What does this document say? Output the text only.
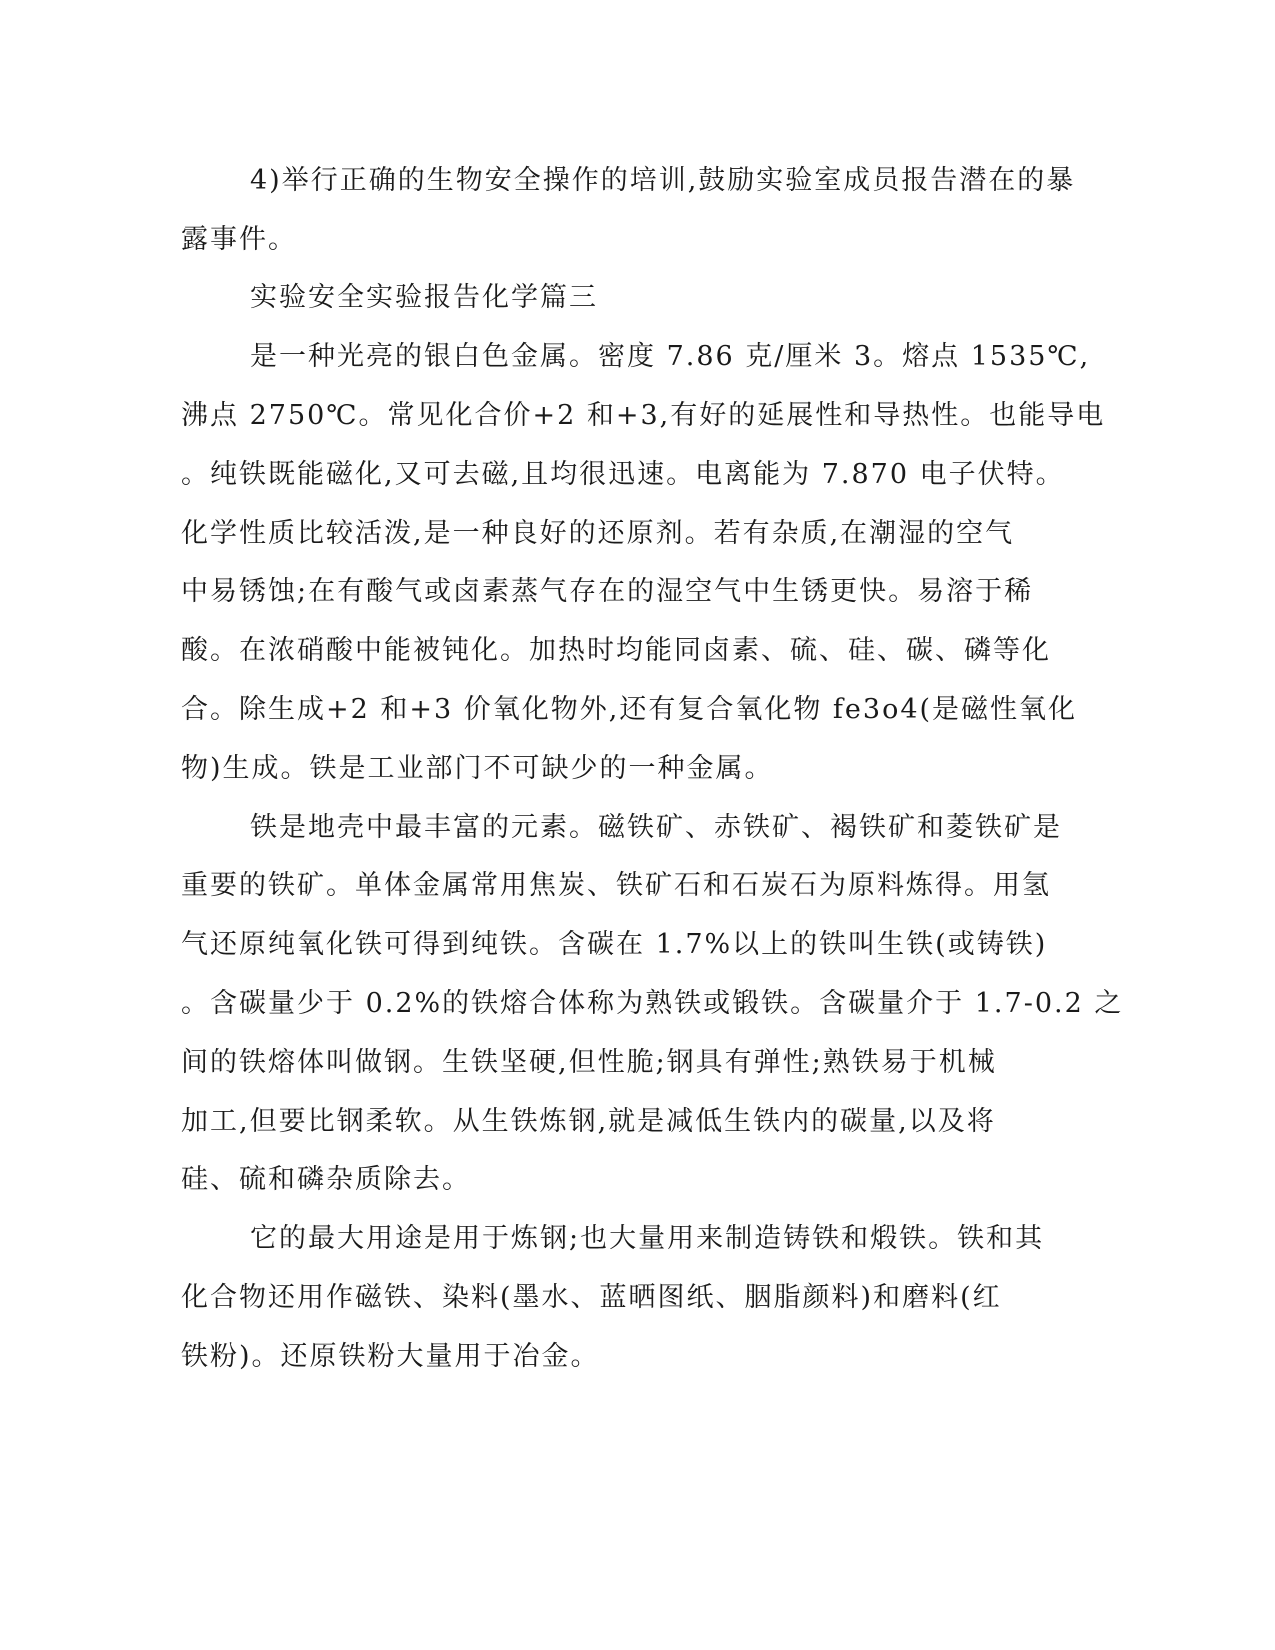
4)举行正确的生物安全操作的培训,鼓励实验室成员报告潜在的暴
露事件。
实验安全实验报告化学篇三
是一种光亮的银白色金属。密度 7.86 克/厘米 3。熔点 1535℃,
沸点 2750℃。常见化合价+2 和+3,有好的延展性和导热性。也能导电
。纯铁既能磁化,又可去磁,且均很迅速。电离能为 7.870 电子伏特。
化学性质比较活泼,是一种良好的还原剂。若有杂质,在潮湿的空气
中易锈蚀;在有酸气或卤素蒸气存在的湿空气中生锈更快。易溶于稀
酸。在浓硝酸中能被钝化。加热时均能同卤素、硫、硅、碳、磷等化
合。除生成+2 和+3 价氧化物外,还有复合氧化物 fe3o4(是磁性氧化
物)生成。铁是工业部门不可缺少的一种金属。
铁是地壳中最丰富的元素。磁铁矿、赤铁矿、褐铁矿和菱铁矿是
重要的铁矿。单体金属常用焦炭、铁矿石和石炭石为原料炼得。用氢
气还原纯氧化铁可得到纯铁。含碳在 1.7%以上的铁叫生铁(或铸铁)
。含碳量少于 0.2%的铁熔合体称为熟铁或锻铁。含碳量介于 1.7-0.2 之
间的铁熔体叫做钢。生铁坚硬,但性脆;钢具有弹性;熟铁易于机械
加工,但要比钢柔软。从生铁炼钢,就是减低生铁内的碳量,以及将
硅、硫和磷杂质除去。
它的最大用途是用于炼钢;也大量用来制造铸铁和煅铁。铁和其
化合物还用作磁铁、染料(墨水、蓝晒图纸、胭脂颜料)和磨料(红
铁粉)。还原铁粉大量用于冶金。
